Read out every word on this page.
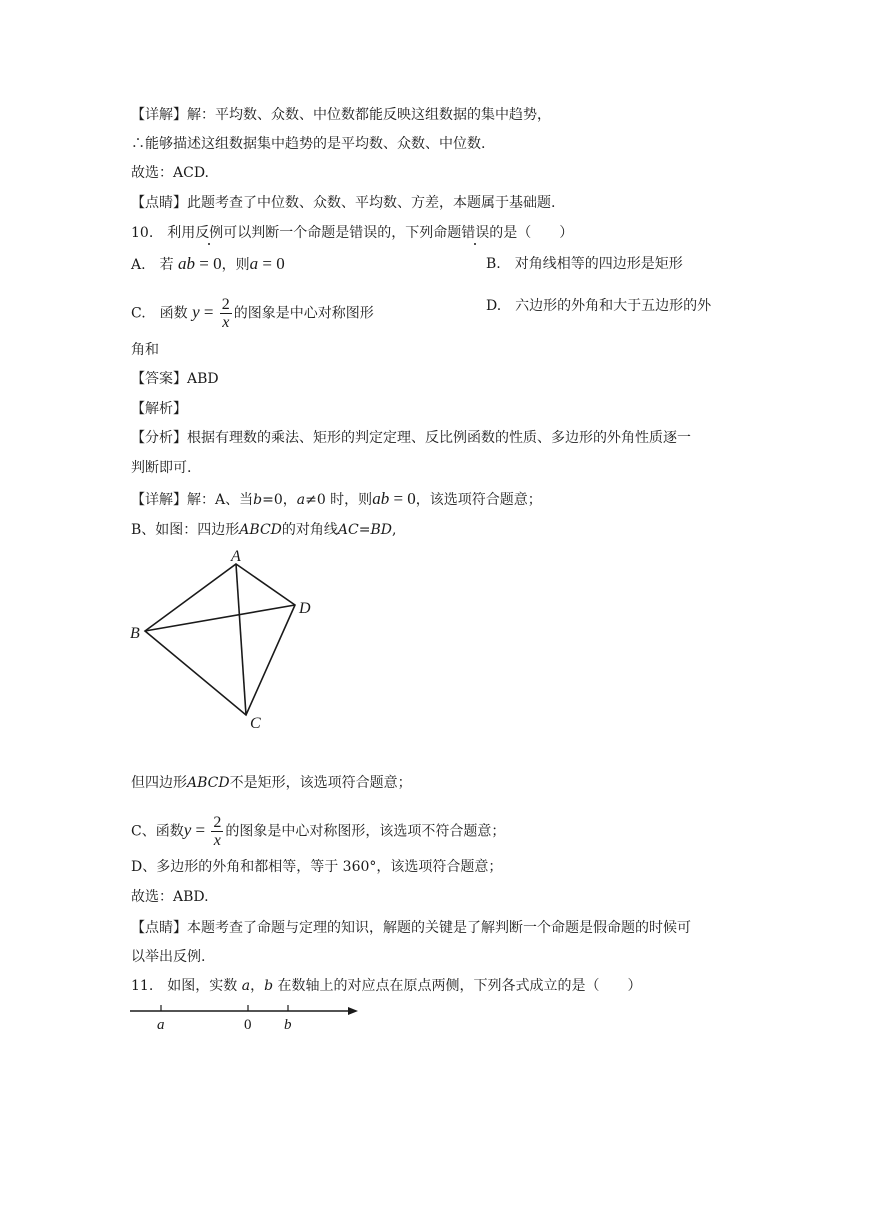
【详解】解：平均数、众数、中位数都能反映这组数据的集中趋势，
∴能够描述这组数据集中趋势的是平均数、众数、中位数.
故选：ACD.
【点睛】此题考查了中位数、众数、平均数、方差，本题属于基础题.
10.　 利用反例可以判断一个命题是错误的，下列命题错误的是（　　）
A.　 若 ab = 0，则a = 0	B.　对角线相等的四边形是矩形
C.　函数 $y = \frac{2}{x}$ 的图象是中心对称图形	D.　六边形的外角和大于五边形的外
角和
【答案】ABD
【解析】
【分析】根据有理数的乘法、矩形的判定定理、反比例函数的性质、多边形的外角性质逐一
判断即可.
【详解】解：A、当b=0，a≠0 时，则ab = 0，该选项符合题意；
B、如图：四边形ABCD的对角线AC=BD,
A
B
C
D
但四边形ABCD不是矩形，该选项符合题意；
C、函数$y = \frac{2}{x}$ 的图象是中心对称图形，该选项不符合题意；
D、多边形的外角和都相等，等于 360°，该选项符合题意；
故选：ABD.
【点睛】本题考查了命题与定理的知识，解题的关键是了解判断一个命题是假命题的时候可
以举出反例.
11.　如图，实数 a，b 在数轴上的对应点在原点两侧，下列各式成立的是（　　）
a	0 b
